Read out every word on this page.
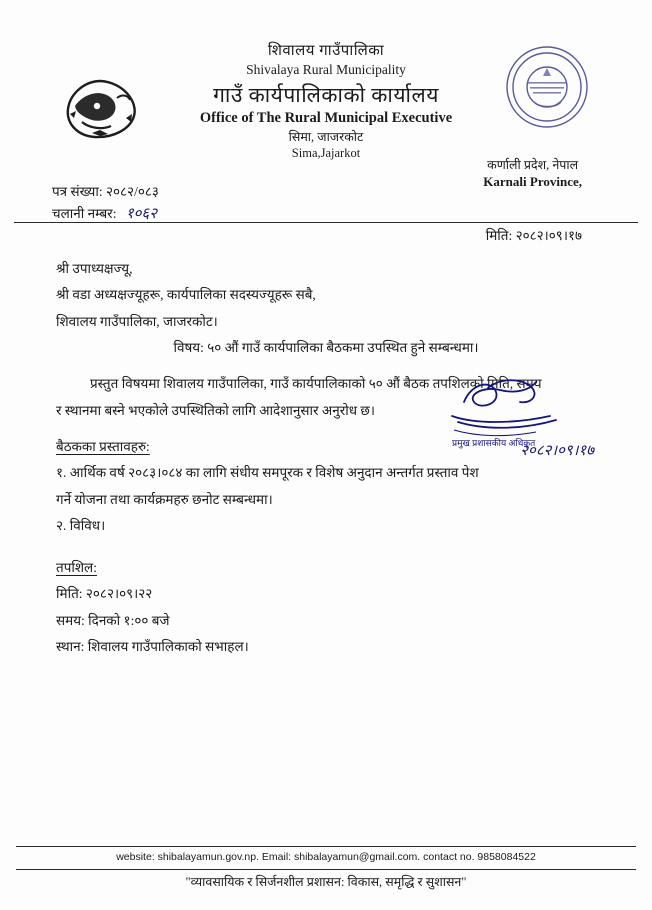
शिवालय गाउँपालिका
Shivalaya Rural Municipality
गाउँ कार्यपालिकाको कार्यालय
Office of The Rural Municipal Executive
सिमा, जाजरकोट
Sima,Jajarkot
कर्णाली प्रदेश, नेपाल
Karnali Province,
पत्र संख्या: २०८२/०८३
चलानी नम्बर: १०६२
मिति: २०८२।०९।१७

श्री उपाध्यक्षज्यू,

श्री वडा अध्यक्षज्यूहरू, कार्यपालिका सदस्यज्यूहरू सबै,

शिवालय गाउँपालिका, जाजरकोट।

विषय: ५० औं गाउँ कार्यपालिका बैठकमा उपस्थित हुने सम्बन्धमा।

प्रस्तुत विषयमा शिवालय गाउँपालिका, गाउँ कार्यपालिकाको ५० औं बैठक तपशिलको मिति, समय

र स्थानमा बस्ने भएकोले उपस्थितिको लागि आदेशानुसार अनुरोध छ।

बैठकका प्रस्तावहरु:

१. आर्थिक वर्ष २०८३।०८४ का लागि संधीय समपूरक र विशेष अनुदान अन्तर्गत प्रस्ताव पेश

गर्ने योजना तथा कार्यक्रमहरु छनोट सम्बन्धमा।

२. विविध।

तपशिल:

मिति: २०८२।०९।२२

समय: दिनको १:०० बजे

स्थान: शिवालय गाउँपालिकाको सभाहल।

प्रमुख प्रशासकीय अधिकृत
२०८२।०९।१७
website: shibalayamun.gov.np. Email: shibalayamun@gmail.com. contact no. 9858084522
"व्यावसायिक र सिर्जनशील प्रशासन: विकास, समृद्धि र सुशासन"
